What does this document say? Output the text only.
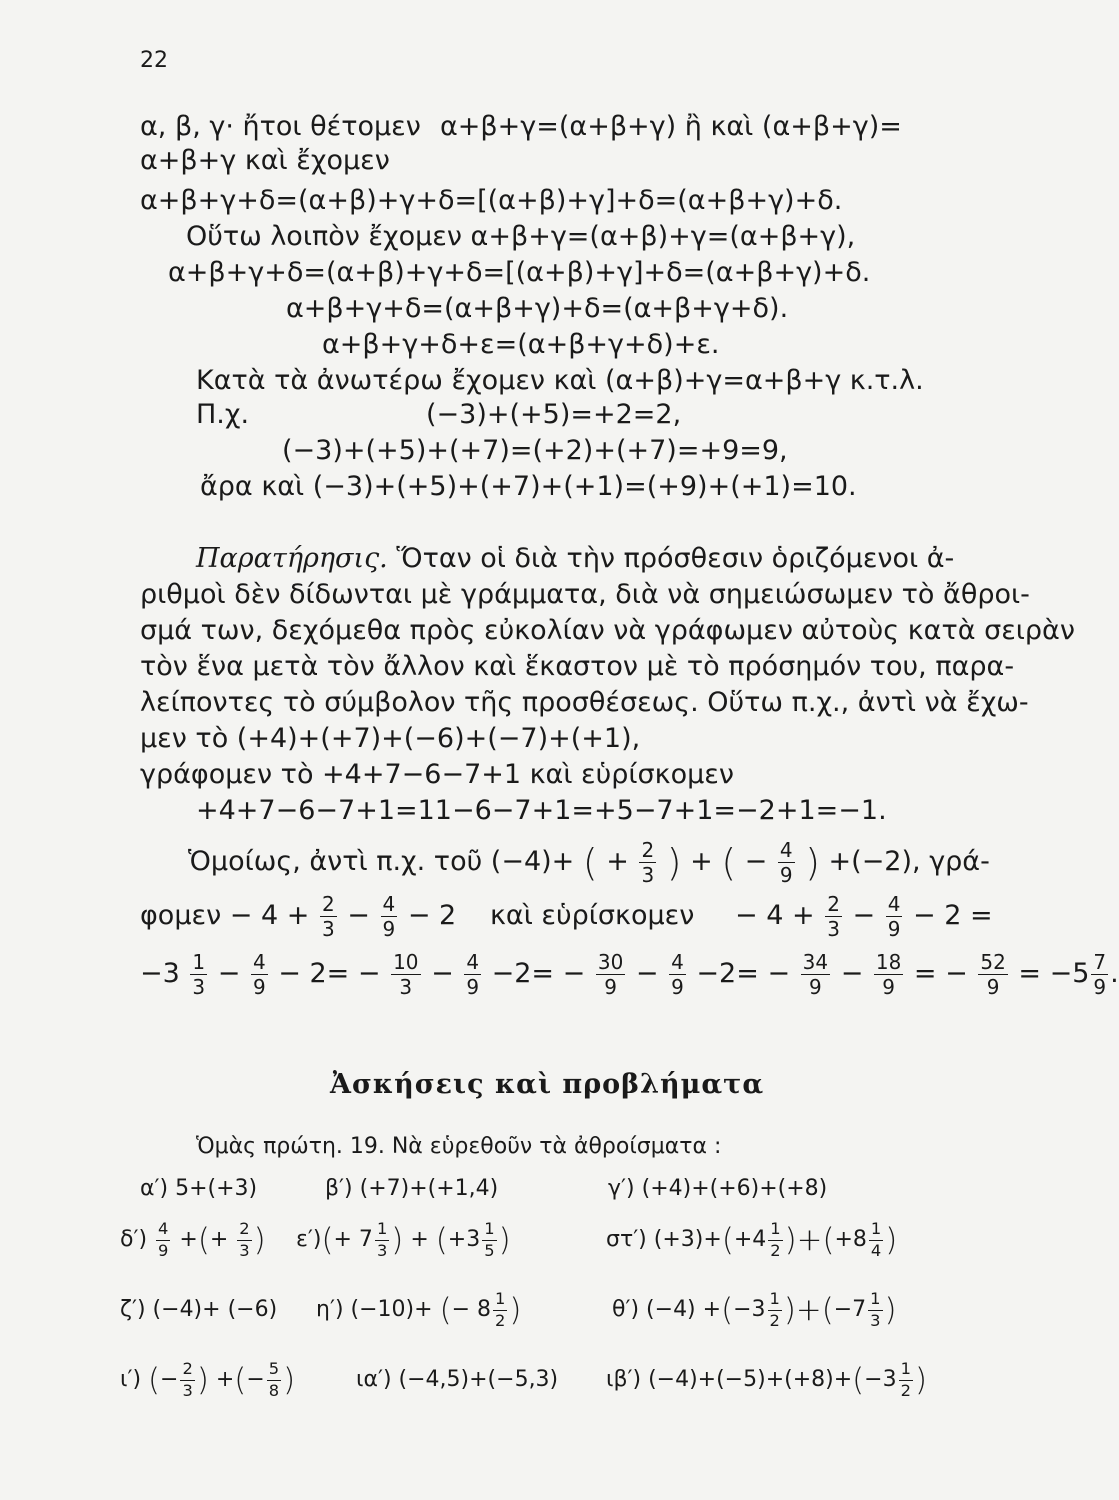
22
α, β, γ· ἤτοι θέτομεν α+β+γ=(α+β+γ) ἢ καὶ (α+β+γ)=
α+β+γ καὶ ἔχομεν
α+β+γ+δ=(α+β)+γ+δ=[(α+β)+γ]+δ=(α+β+γ)+δ.
Οὕτω λοιπὸν ἔχομεν α+β+γ=(α+β)+γ=(α+β+γ),
α+β+γ+δ=(α+β)+γ+δ=[(α+β)+γ]+δ=(α+β+γ)+δ.
α+β+γ+δ=(α+β+γ)+δ=(α+β+γ+δ).
α+β+γ+δ+ε=(α+β+γ+δ)+ε.
Κατὰ τὰ ἀνωτέρω ἔχομεν καὶ (α+β)+γ=α+β+γ κ.τ.λ.
Π.χ.	(−3)+(+5)=+2=2,
(−3)+(+5)+(+7)=(+2)+(+7)=+9=9,
ἄρα καὶ (−3)+(+5)+(+7)+(+1)=(+9)+(+1)=10.
Παρατήρησις. Ὅταν οἱ διὰ τὴν πρόσθεσιν ὁριζόμενοι ἀ-
ριθμοὶ δὲν δίδωνται μὲ γράμματα, διὰ νὰ σημειώσωμεν τὸ ἄθροι-
σμά των, δεχόμεθα πρὸς εὐκολίαν νὰ γράφωμεν αὐτοὺς κατὰ σειρὰν
τὸν ἕνα μετὰ τὸν ἄλλον καὶ ἕκαστον μὲ τὸ πρόσημόν του, παρα-
λείποντες τὸ σύμβολον τῆς προσθέσεως. Οὕτω π.χ., ἀντὶ νὰ ἔχω-
μεν τὸ (+4)+(+7)+(−6)+(−7)+(+1),
γράφομεν τὸ +4+7−6−7+1 καὶ εὑρίσκομεν
+4+7−6−7+1=11−6−7+1=+5−7+1=−2+1=−1.
Ὁμοίως, ἀντὶ π.χ. τοῦ (−4)+ ( + $\frac{2}{3}$ ) + ( − $\frac{4}{9}$ ) +(−2), γρά-
$\varphi o\mu\varepsilon\nu - 4 + \frac{2}{3} - \frac{4}{9} - 2$ καὶ εὑρίσκομεν − $4 + \frac{2}{3} - \frac{4}{9} - 2$ =
$-3 \frac{1}{3} - \frac{4}{9} - 2= - \frac{10}{3} - \frac{4}{9} -2= - \frac{30}{9} - \frac{4}{9} -2= - \frac{34}{9} - \frac{18}{9}$ = − $\frac{52}{9} = -5 \frac{7}{9}$ .
Ἀσκήσεις καὶ προβλήματα
Ὁμὰς πρώτη. 19. Νὰ εὑρεθοῦν τὰ ἀθροίσματα :
α′) 5+(+3)	β′) (+7)+(+1,4)	γ′) (+4)+(+6)+(+8)
$\delta') \frac{4}{9}$ +(+ $\frac{2}{3}$ ) $\varepsilon')(+ 7 \frac{1}{3}$ ) + ($+3 \frac{1}{5}$ )	στ′) $(+3)+(+4 \frac{1}{2} )+(+8 \frac{1}{4}$ )
ζ′) (−4)+ (−6) η′) (−10)+ (− $8 \frac{1}{2}$ )	θ′) $(-4) +(-3 \frac{1}{2} )+(-7 \frac{1}{3}$ )
ι′) (− $\frac{2}{3}$ ) +(− $\frac{5}{8}$ )	ια′) (−4,5)+(−5,3) ιβ′) $(-4)+(-5)+(+8)+(-3 \frac{1}{2}$ )
